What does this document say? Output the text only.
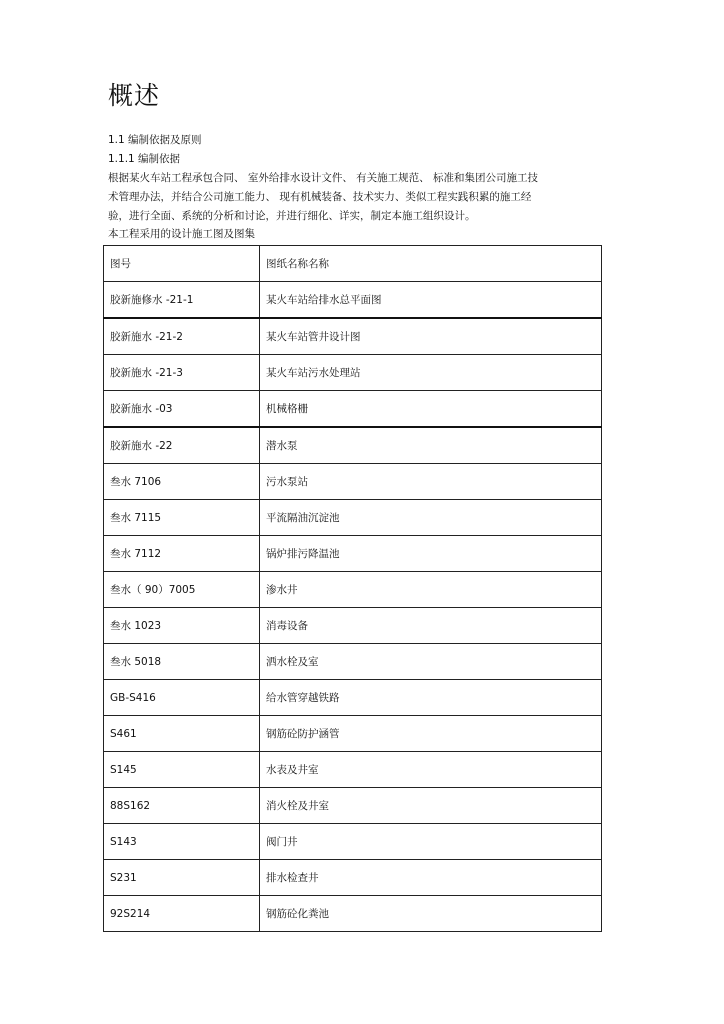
概述

1.1 编制依据及原则

1.1.1 编制依据

根据某火车站工程承包合同、 室外给排水设计文件、 有关施工规范、 标准和集团公司施工技

术管理办法，并结合公司施工能力、 现有机械装备、技术实力、类似工程实践积累的施工经

验，进行全面、系统的分析和讨论，并进行细化、详实，制定本施工组织设计。

本工程采用的设计施工图及图集

图号	图纸名称名称
胶新施修水 -21-1	某火车站给排水总平面图
胶新施水 -21-2	某火车站管井设计图
胶新施水 -21-3	某火车站污水处理站
胶新施水 -03	机械格栅
胶新施水 -22	潜水泵
叁水 7106	污水泵站
叁水 7115	平流隔油沉淀池
叁水 7112	锅炉排污降温池
叁水（ 90）7005	渗水井
叁水 1023	消毒设备
叁水 5018	洒水栓及室
GB-S416	给水管穿越铁路
S461	钢筋砼防护涵管
S145	水表及井室
88S162	消火栓及井室
S143	阀门井
S231	排水检查井
92S214	钢筋砼化粪池
